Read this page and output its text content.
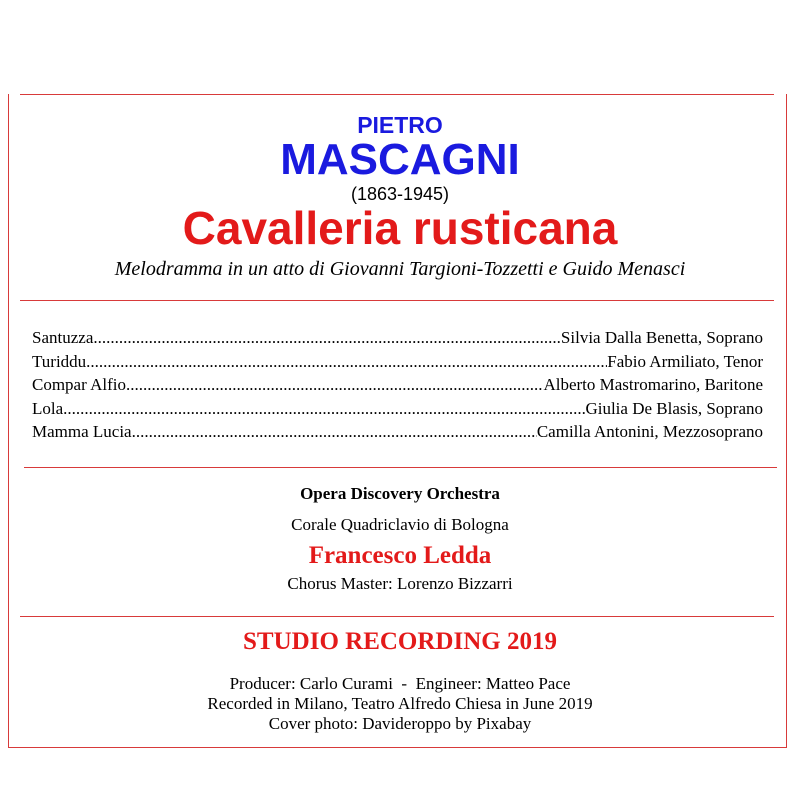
PIETRO
MASCAGNI
(1863-1945)
Cavalleria rusticana
Melodramma in un atto di Giovanni Targioni-Tozzetti e Guido Menasci
Santuzza .....	Silvia Dalla Benetta, Soprano
Turiddu .....	Fabio Armiliato, Tenor
Compar Alfio .....	Alberto Mastromarino, Baritone
Lola .....	Giulia De Blasis, Soprano
Mamma Lucia .....	Camilla Antonini, Mezzosoprano
Opera Discovery Orchestra
Corale Quadriclavio di Bologna
Francesco Ledda
Chorus Master: Lorenzo Bizzarri
STUDIO RECORDING 2019
Producer: Carlo Curami  -  Engineer: Matteo Pace
Recorded in Milano, Teatro Alfredo Chiesa in June 2019
Cover photo: Davideroppo by Pixabay
